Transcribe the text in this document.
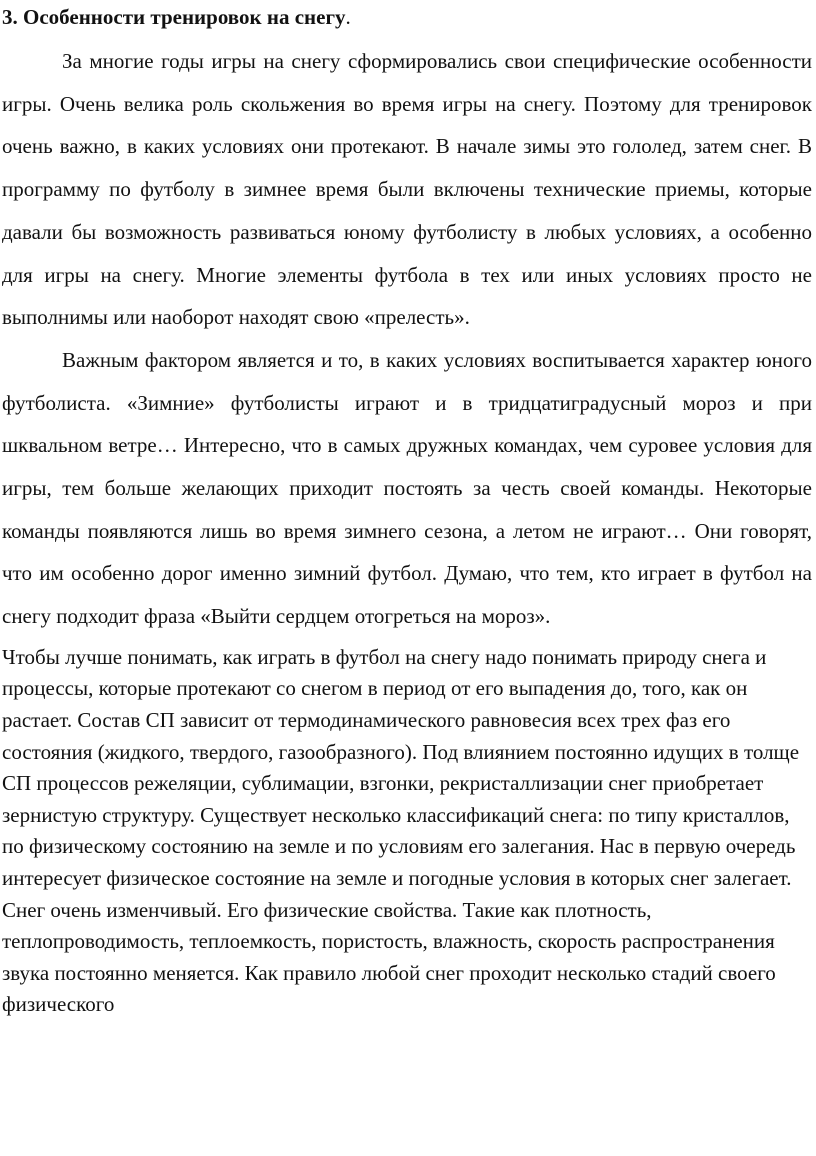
3. Особенности тренировок на снегу.

За многие годы игры на снегу сформировались свои специфические особенности игры. Очень велика роль скольжения во время игры на снегу. Поэтому для тренировок очень важно, в каких условиях они протекают. В начале зимы это гололед, затем снег. В программу по футболу в зимнее время были включены технические приемы, которые давали бы возможность развиваться юному футболисту в любых условиях, а особенно для игры на снегу. Многие элементы футбола в тех или иных условиях просто не выполнимы или наоборот находят свою «прелесть».

Важным фактором является и то, в каких условиях воспитывается характер юного футболиста. «Зимние» футболисты играют и в тридцатиградусный мороз и при шквальном ветре… Интересно, что в самых дружных командах, чем суровее условия для игры, тем больше желающих приходит постоять за честь своей команды. Некоторые команды появляются лишь во время зимнего сезона, а летом не играют… Они говорят, что им особенно дорог именно зимний футбол. Думаю, что тем, кто играет в футбол на снегу подходит фраза «Выйти сердцем отогреться на мороз».

Чтобы лучше понимать, как играть в футбол на снегу надо понимать природу снега и процессы, которые протекают со снегом в период от его выпадения до, того, как он растает. Состав СП зависит от термодинамического равновесия всех трех фаз его состояния (жидкого, твердого, газообразного). Под влиянием постоянно идущих в толще СП процессов режеляции, сублимации, взгонки, рекристаллизации снег приобретает зернистую структуру. Существует несколько классификаций снега: по типу кристаллов, по физическому состоянию на земле и по условиям его залегания. Нас в первую очередь интересует физическое состояние на земле и погодные условия в которых снег залегает. Снег очень изменчивый. Его физические свойства. Такие как плотность, теплопроводимость, теплоемкость, пористость, влажность, скорость распространения звука постоянно меняется. Как правило любой снег проходит несколько стадий своего физического
